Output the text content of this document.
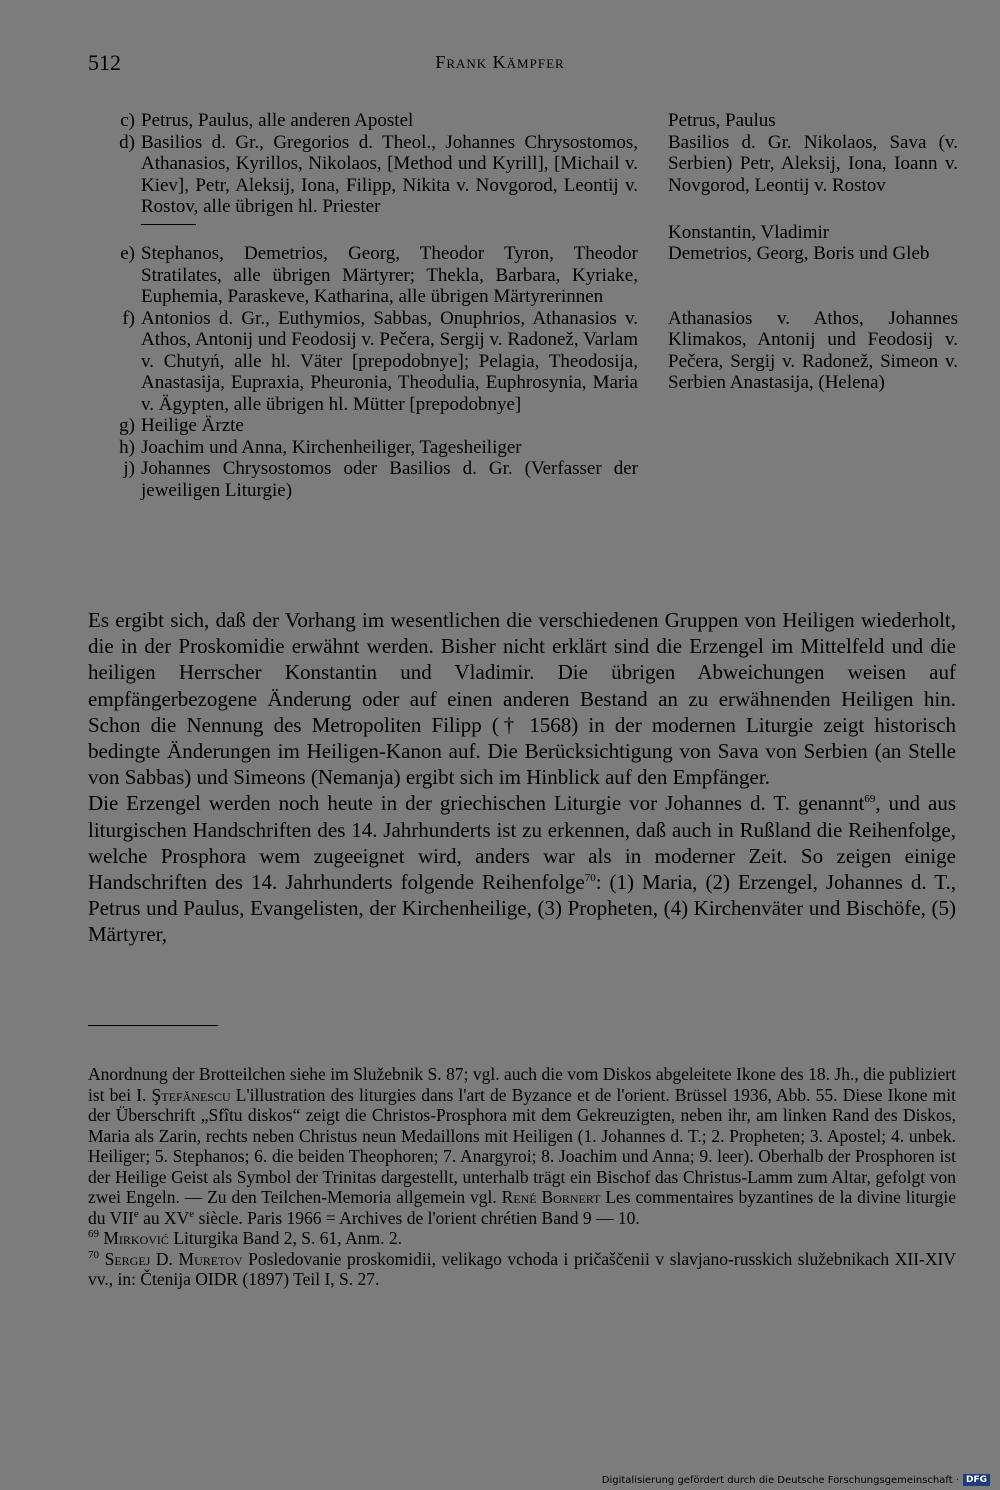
512	Frank Kämpfer
c) Petrus, Paulus, alle anderen Apostel	Petrus, Paulus
d) Basilios d. Gr., Gregorios d. Theol., Johannes Chrysostomos, Athanasios, Kyrillos, Nikolaos, [Method und Kyrill], [Michail v. Kiev], Petr, Aleksij, Iona, Filipp, Nikita v. Novgorod, Leontij v. Rostov, alle übrigen hl. Priester
Basilios d. Gr. Nikolaos, Sava (v. Serbien) Petr, Aleksij, Iona, Ioann v. Novgorod, Leontij v. Rostov
Konstantin, Vladimir
e) Stephanos, Demetrios, Georg, Theodor Tyron, Theodor Stratilates, alle übrigen Märtyrer; Thekla, Barbara, Kyriake, Euphemia, Paraskeve, Katharina, alle übrigen Märtyrerinnen
Demetrios, Georg, Boris und Gleb
f) Antonios d. Gr., Euthymios, Sabbas, Onuphrios, Athanasios v. Athos, Antonij und Feodosij v. Pečera, Sergij v. Radonež, Varlam v. Chutyń, alle hl. Väter [prepodobnye]; Pelagia, Theodosija, Anastasija, Eupraxia, Pheuronia, Theodulia, Euphrosynia, Maria v. Ägypten, alle übrigen hl. Mütter [prepodobnye]
Athanasios v. Athos, Johannes Klimakos, Antonij und Feodosij v. Pečera, Sergij v. Radonež, Simeon v. Serbien Anastasija, (Helena)
g) Heilige Ärzte
h) Joachim und Anna, Kirchenheiliger, Tagesheiliger
j) Johannes Chrysostomos oder Basilios d. Gr. (Verfasser der jeweiligen Liturgie)

Es ergibt sich, daß der Vorhang im wesentlichen die verschiedenen Gruppen von Heiligen wiederholt, die in der Proskomidie erwähnt werden. Bisher nicht erklärt sind die Erzengel im Mittelfeld und die heiligen Herrscher Konstantin und Vladimir. Die übrigen Abweichungen weisen auf empfängerbezogene Änderung oder auf einen anderen Bestand an zu erwähnenden Heiligen hin. Schon die Nennung des Metropoliten Filipp († 1568) in der modernen Liturgie zeigt historisch bedingte Änderungen im Heiligen-Kanon auf. Die Berücksichtigung von Sava von Serbien (an Stelle von Sabbas) und Simeons (Nemanja) ergibt sich im Hinblick auf den Empfänger.

Die Erzengel werden noch heute in der griechischen Liturgie vor Johannes d. T. genannt$^{69}$, und aus liturgischen Handschriften des 14. Jahrhunderts ist zu erkennen, daß auch in Rußland die Reihenfolge, welche Prosphora wem zugeeignet wird, anders war als in moderner Zeit. So zeigen einige Handschriften des 14. Jahrhunderts folgende Reihenfolge$^{70}$: (1) Maria, (2) Erzengel, Johannes d. T., Petrus und Paulus, Evangelisten, der Kirchenheilige, (3) Propheten, (4) Kirchenväter und Bischöfe, (5) Märtyrer,

Anordnung der Brotteilchen siehe im Služebnik S. 87; vgl. auch die vom Diskos abgeleitete Ikone des 18. Jh., die publiziert ist bei I. Ştefănescu L'illustration des liturgies dans l'art de Byzance et de l'orient. Brüssel 1936, Abb. 55. Diese Ikone mit der Überschrift „Sfîtu diskos“ zeigt die Christos-Prosphora mit dem Gekreuzigten, neben ihr, am linken Rand des Diskos, Maria als Zarin, rechts neben Christus neun Medaillons mit Heiligen (1. Johannes d. T.; 2. Propheten; 3. Apostel; 4. unbek. Heiliger; 5. Stephanos; 6. die beiden Theophoren; 7. Anargyroi; 8. Joachim und Anna; 9. leer). Oberhalb der Prosphoren ist der Heilige Geist als Symbol der Trinitas dargestellt, unterhalb trägt ein Bischof das Christus-Lamm zum Altar, gefolgt von zwei Engeln. — Zu den Teilchen-Memoria allgemein vgl. René Bornert Les commentaires byzantines de la divine liturgie du VIIe au XVe siècle. Paris 1966 = Archives de l'orient chrétien Band 9 — 10.

$^{69}$ Mirković Liturgika Band 2, S. 61, Anm. 2.

$^{70}$ Sergej D. Muretov Posledovanie proskomidii, velikago vchoda i pričaščenii v slavjano-russkich služebnikach XII-XIV vv., in: Čtenija OIDR (1897) Teil I, S. 27.

Digitalisierung gefördert durch die Deutsche Forschungsgemeinschaft · DFG
